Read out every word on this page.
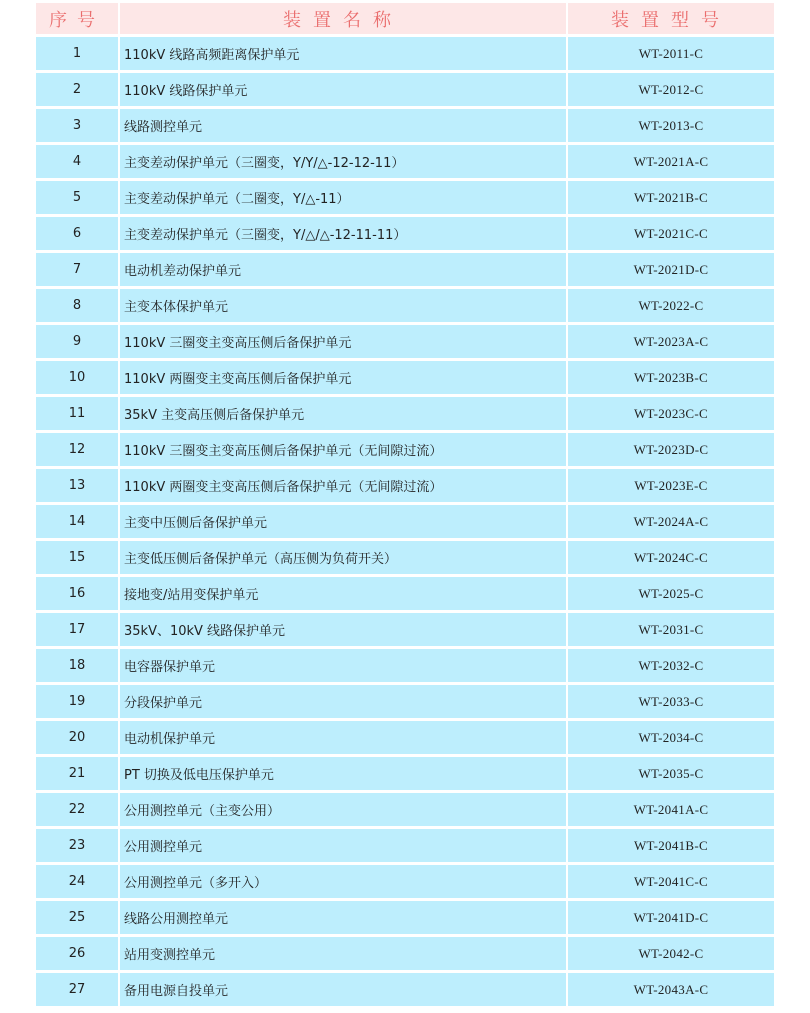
序号	装置名称	装置型号
1	110kV 线路高频距离保护单元	WT-2011-C
2	110kV 线路保护单元	WT-2012-C
3	线路测控单元	WT-2013-C
4	主变差动保护单元（三圈变，Y/Y/△-12-12-11）	WT-2021A-C
5	主变差动保护单元（二圈变，Y/△-11）	WT-2021B-C
6	主变差动保护单元（三圈变，Y/△/△-12-11-11）	WT-2021C-C
7	电动机差动保护单元	WT-2021D-C
8	主变本体保护单元	WT-2022-C
9	110kV 三圈变主变高压侧后备保护单元	WT-2023A-C
10	110kV 两圈变主变高压侧后备保护单元	WT-2023B-C
11	35kV 主变高压侧后备保护单元	WT-2023C-C
12	110kV 三圈变主变高压侧后备保护单元（无间隙过流）	WT-2023D-C
13	110kV 两圈变主变高压侧后备保护单元（无间隙过流）	WT-2023E-C
14	主变中压侧后备保护单元	WT-2024A-C
15	主变低压侧后备保护单元（高压侧为负荷开关）	WT-2024C-C
16	接地变/站用变保护单元	WT-2025-C
17	35kV、10kV 线路保护单元	WT-2031-C
18	电容器保护单元	WT-2032-C
19	分段保护单元	WT-2033-C
20	电动机保护单元	WT-2034-C
21	PT 切换及低电压保护单元	WT-2035-C
22	公用测控单元（主变公用）	WT-2041A-C
23	公用测控单元	WT-2041B-C
24	公用测控单元（多开入）	WT-2041C-C
25	线路公用测控单元	WT-2041D-C
26	站用变测控单元	WT-2042-C
27	备用电源自投单元	WT-2043A-C
